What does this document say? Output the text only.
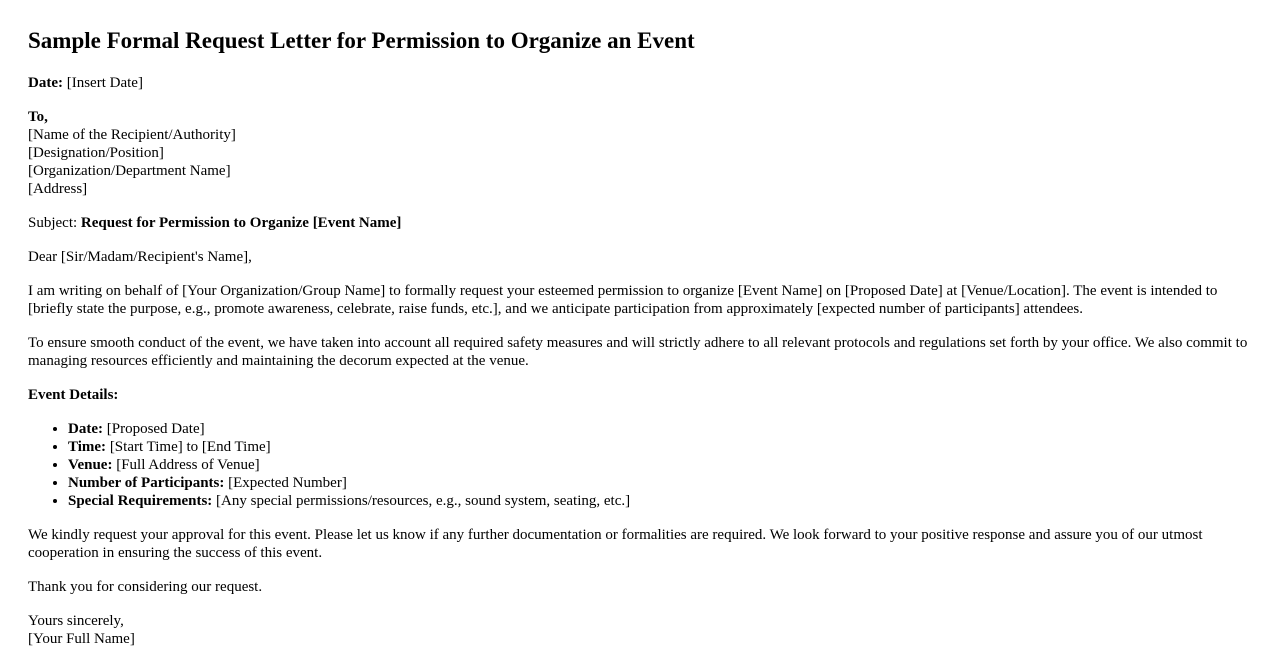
Sample Formal Request Letter for Permission to Organize an Event

Date: [Insert Date]

To,
[Name of the Recipient/Authority]
[Designation/Position]
[Organization/Department Name]
[Address]

Subject: Request for Permission to Organize [Event Name]

Dear [Sir/Madam/Recipient's Name],

I am writing on behalf of [Your Organization/Group Name] to formally request your esteemed permission to organize [Event Name] on [Proposed Date] at [Venue/Location]. The event is intended to [briefly state the purpose, e.g., promote awareness, celebrate, raise funds, etc.], and we anticipate participation from approximately [expected number of participants] attendees.

To ensure smooth conduct of the event, we have taken into account all required safety measures and will strictly adhere to all relevant protocols and regulations set forth by your office. We also commit to managing resources efficiently and maintaining the decorum expected at the venue.

Event Details:

• Date: [Proposed Date]
• Time: [Start Time] to [End Time]
• Venue: [Full Address of Venue]
• Number of Participants: [Expected Number]
• Special Requirements: [Any special permissions/resources, e.g., sound system, seating, etc.]

We kindly request your approval for this event. Please let us know if any further documentation or formalities are required. We look forward to your positive response and assure you of our utmost cooperation in ensuring the success of this event.

Thank you for considering our request.

Yours sincerely,
[Your Full Name]
